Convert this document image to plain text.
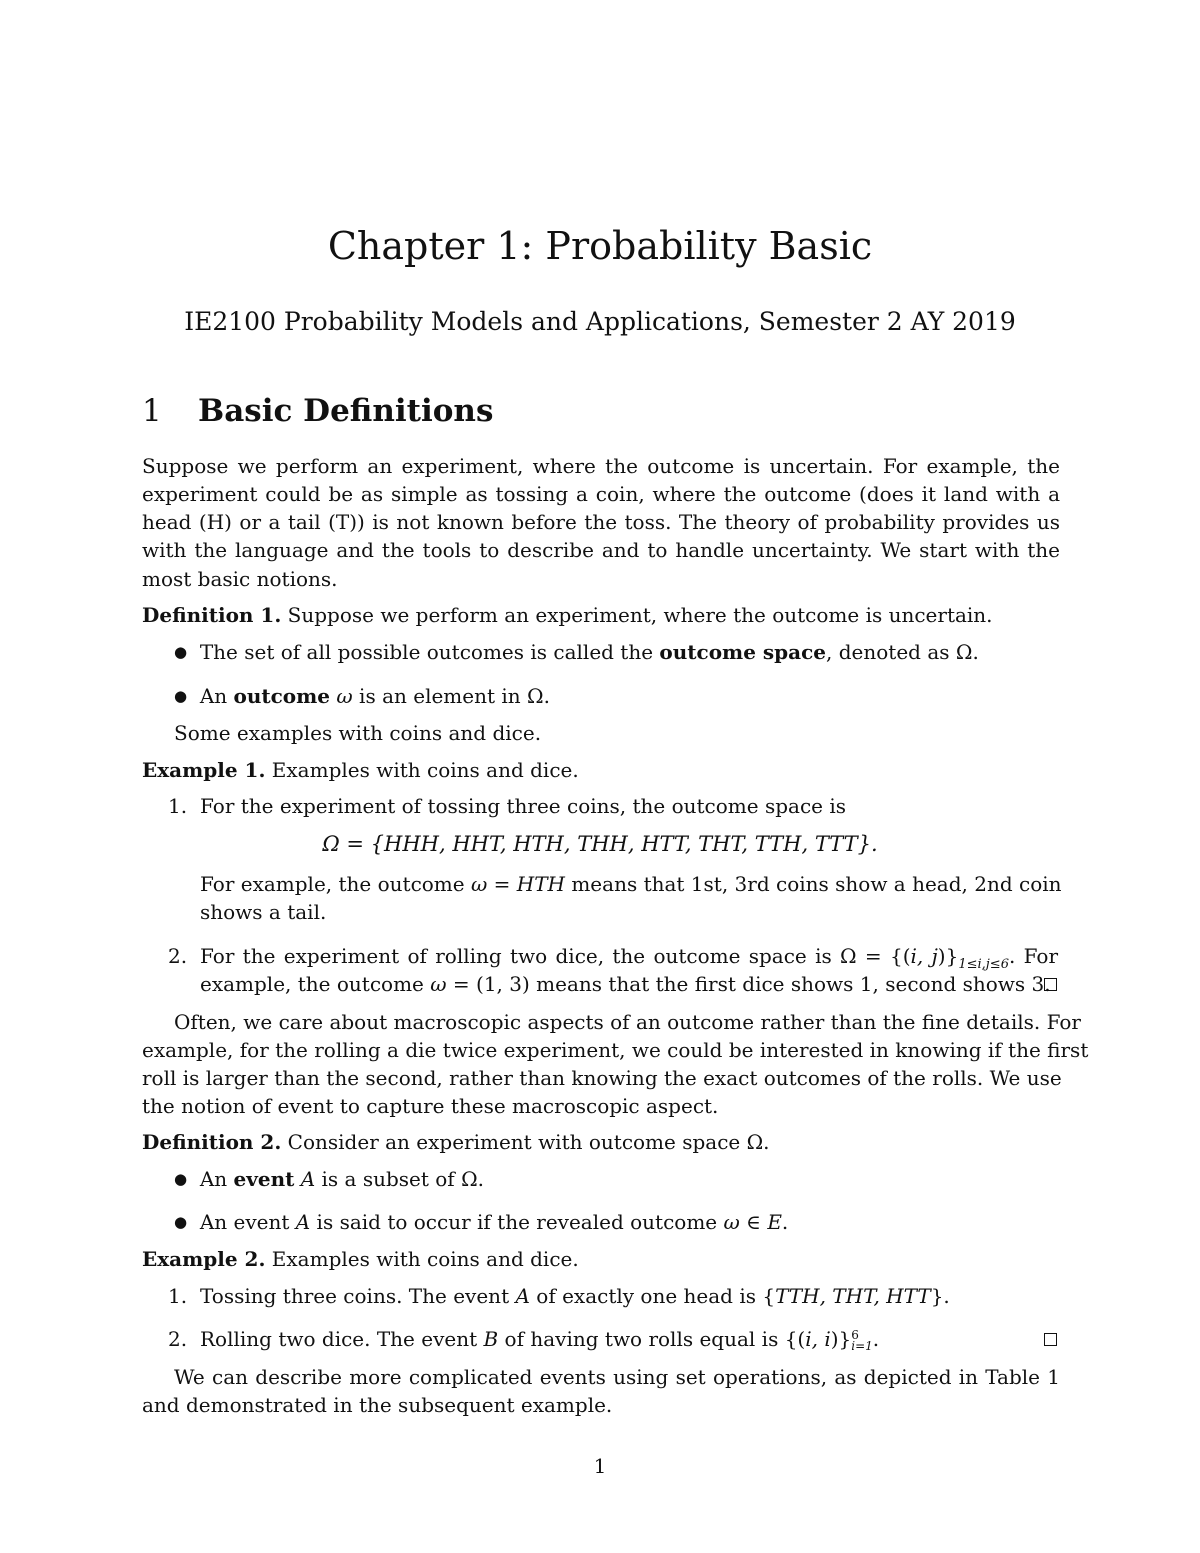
Chapter 1: Probability Basic
IE2100 Probability Models and Applications, Semester 2 AY 2019
1 Basic Definitions
Suppose we perform an experiment, where the outcome is uncertain. For example, the
experiment could be as simple as tossing a coin, where the outcome (does it land with a
head (H) or a tail (T)) is not known before the toss. The theory of probability provides us
with the language and the tools to describe and to handle uncertainty. We start with the
most basic notions.
Definition 1. Suppose we perform an experiment, where the outcome is uncertain.
● The set of all possible outcomes is called the outcome space, denoted as Ω.
● An outcome ω is an element in Ω.
Some examples with coins and dice.
Example 1. Examples with coins and dice.
1. For the experiment of tossing three coins, the outcome space is
Ω = {HHH, HHT, HTH, THH, HTT, THT, TTH, TTT}.
For example, the outcome ω = HTH means that 1st, 3rd coins show a head, 2nd coin
shows a tail.
2. For the experiment of rolling two dice, the outcome space is Ω = {(i, $j)\}_{1\le i,j\le 6}$. For
example, the outcome ω = (1, 3) means that the first dice shows 1, second shows 3.
Often, we care about macroscopic aspects of an outcome rather than the fine details. For
example, for the rolling a die twice experiment, we could be interested in knowing if the first
roll is larger than the second, rather than knowing the exact outcomes of the rolls. We use
the notion of event to capture these macroscopic aspect.
Definition 2. Consider an experiment with outcome space Ω.
● An event A is a subset of Ω.
● An event A is said to occur if the revealed outcome ω ∈ E.
Example 2. Examples with coins and dice.
1. Tossing three coins. The event A of exactly one head is {TTH, THT, HTT}.
2. Rolling two dice. The event B of having two rolls equal is {(i, i)} 6
i=1 .
We can describe more complicated events using set operations, as depicted in Table 1
and demonstrated in the subsequent example.
1
